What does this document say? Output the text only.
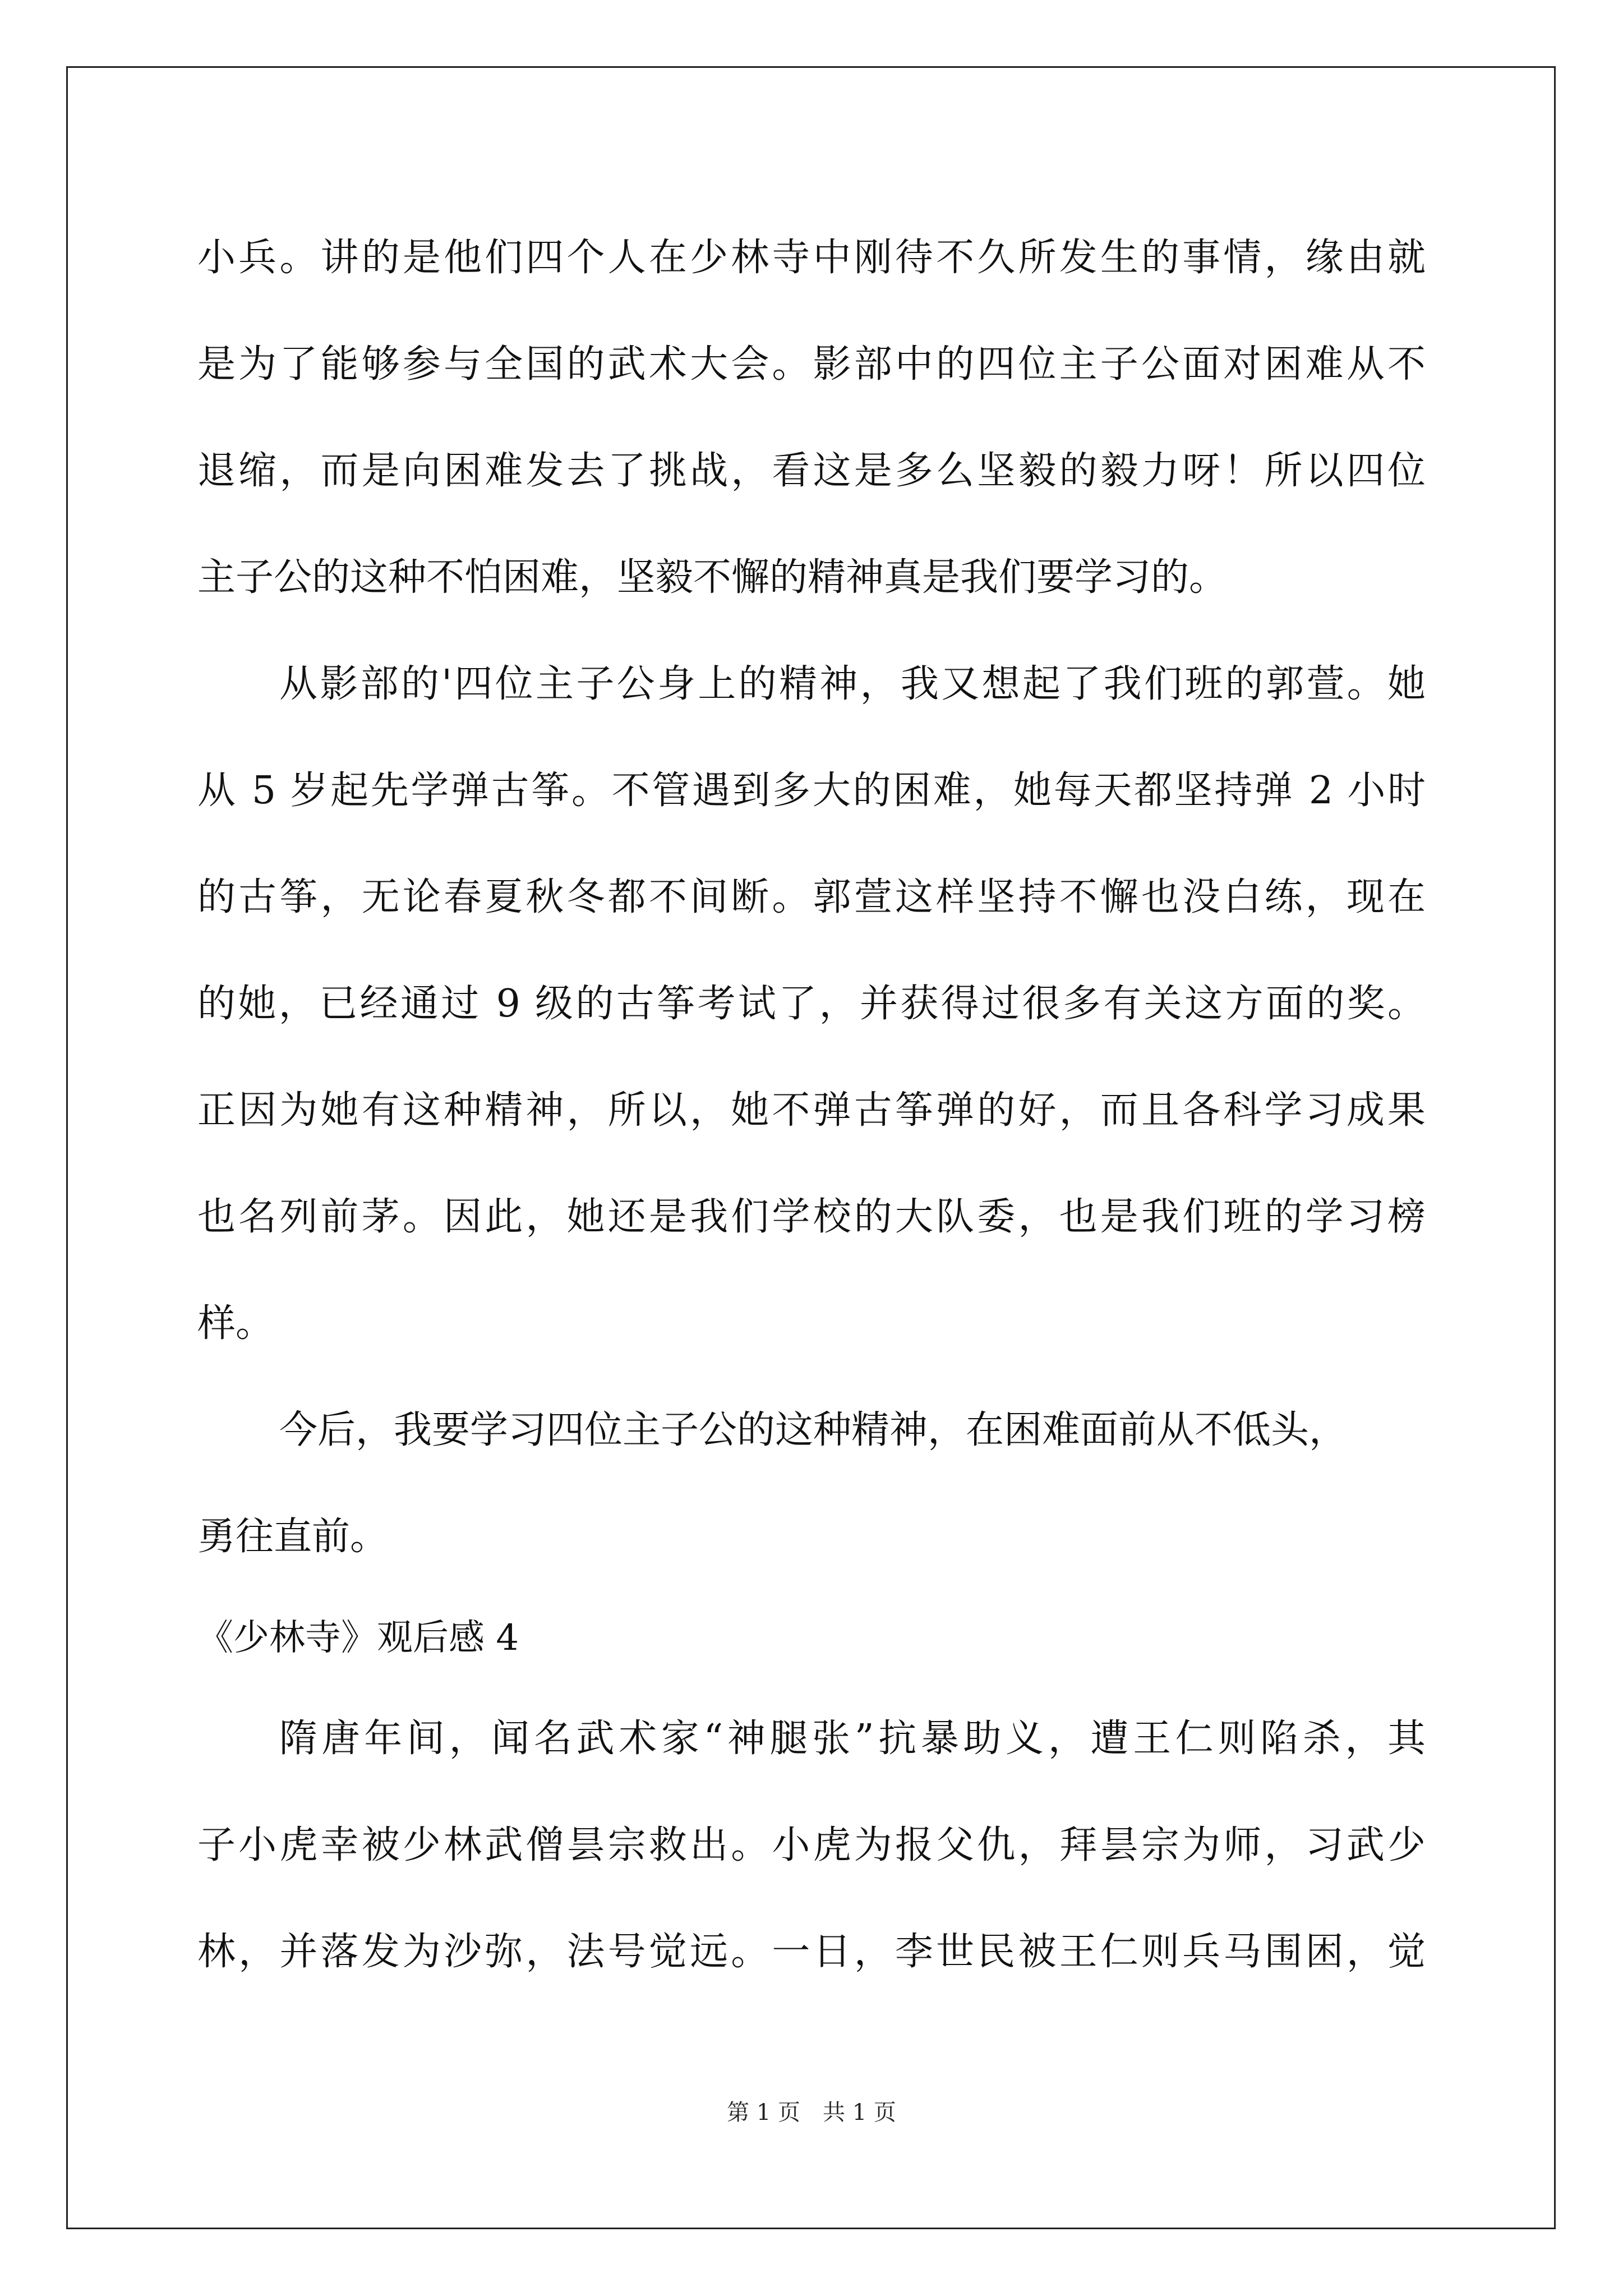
小兵。讲的是他们四个人在少林寺中刚待不久所发生的事情，缘由就
是为了能够参与全国的武术大会。影部中的四位主子公面对困难从不
退缩，而是向困难发去了挑战，看这是多么坚毅的毅力呀！所以四位
主子公的这种不怕困难，坚毅不懈的精神真是我们要学习的。
从影部的'四位主子公身上的精神，我又想起了我们班的郭萱。她
从 5 岁起先学弹古筝。不管遇到多大的困难，她每天都坚持弹 2 小时
的古筝，无论春夏秋冬都不间断。郭萱这样坚持不懈也没白练，现在
的她，已经通过 9 级的古筝考试了，并获得过很多有关这方面的奖。
正因为她有这种精神，所以，她不弹古筝弹的好，而且各科学习成果
也名列前茅。因此，她还是我们学校的大队委，也是我们班的学习榜
样。
今后，我要学习四位主子公的这种精神，在困难面前从不低头，
勇往直前。
《少林寺》观后感 4
隋唐年间，闻名武术家“神腿张”抗暴助义，遭王仁则陷杀，其
子小虎幸被少林武僧昙宗救出。小虎为报父仇，拜昙宗为师，习武少
林，并落发为沙弥，法号觉远。一日，李世民被王仁则兵马围困，觉
第 1 页　共 1 页
